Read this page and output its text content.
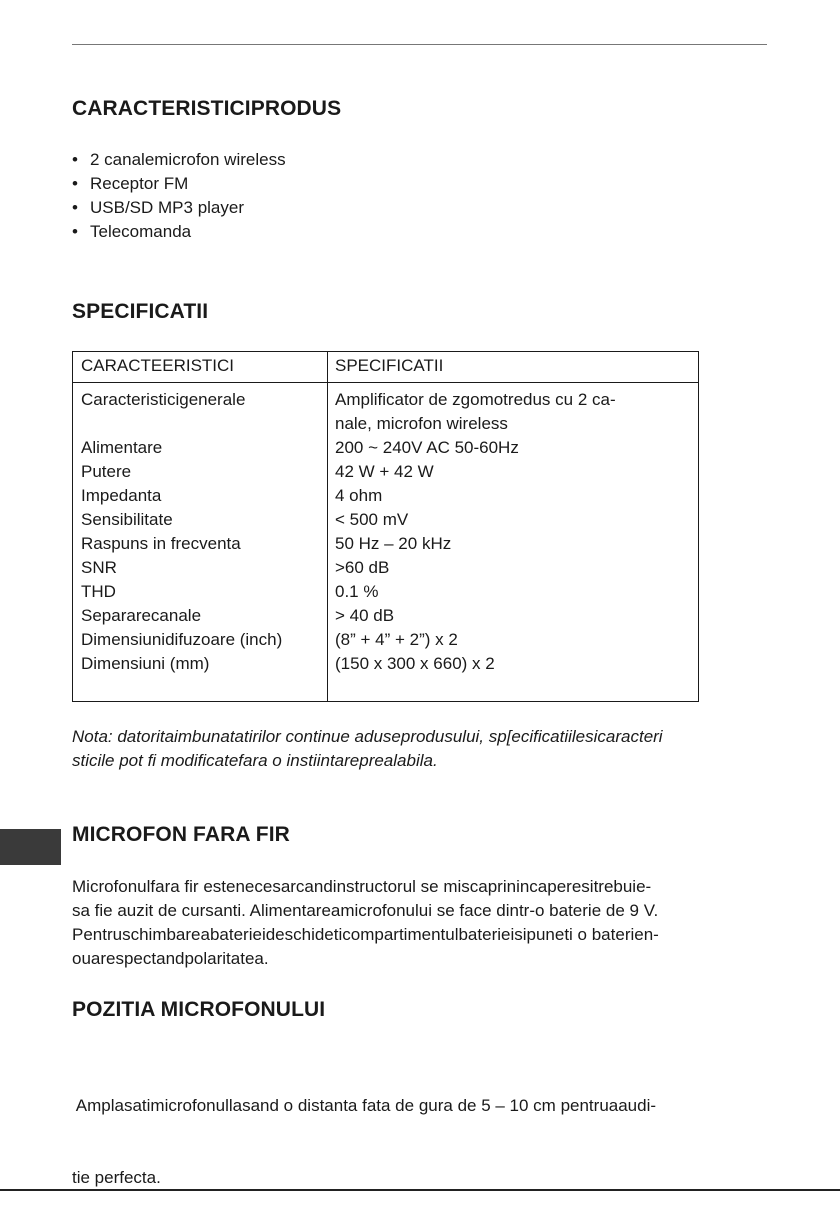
CARACTERISTICIPRODUS
• 2 canalemicrofon wireless
• Receptor FM
• USB/SD MP3 player
• Telecomanda
SPECIFICATII
CARACTEERISTICI	SPECIFICATII
Caracteristicigenerale	Amplificator de zgomotredus cu 2 ca-
nale, microfon wireless
Alimentare	200 ~ 240V AC 50-60Hz
Putere	42 W + 42 W
Impedanta	4 ohm
Sensibilitate	< 500 mV
Raspuns in frecventa	50 Hz – 20 kHz
SNR	>60 dB
THD	0.1 %
Separarecanale	> 40 dB
Dimensiunidifuzoare (inch)	(8” + 4” + 2”) x 2
Dimensiuni (mm)	(150 x 300 x 660) x 2

Nota: datoritaimbunatatirilor continue aduseprodusului, sp[ecificatiilesicaracteri
sticile pot fi modificatefara o instiintareprealabila.

MICROFON FARA FIR

Microfonulfara fir estenecesarcandinstructorul se miscaprinincaperesitrebuie-
sa fie auzit de cursanti. Alimentareamicrofonului se face dintr-o baterie de 9 V.
Pentruschimbareabaterieideschideticompartimentulbaterieisipuneti o baterien-
ouarespectandpolaritatea.

POZITIA MICROFONULUI

Amplasatimicrofonullasand o distanta fata de gura de 5 – 10 cm pentruaaudi-

tie perfecta.
